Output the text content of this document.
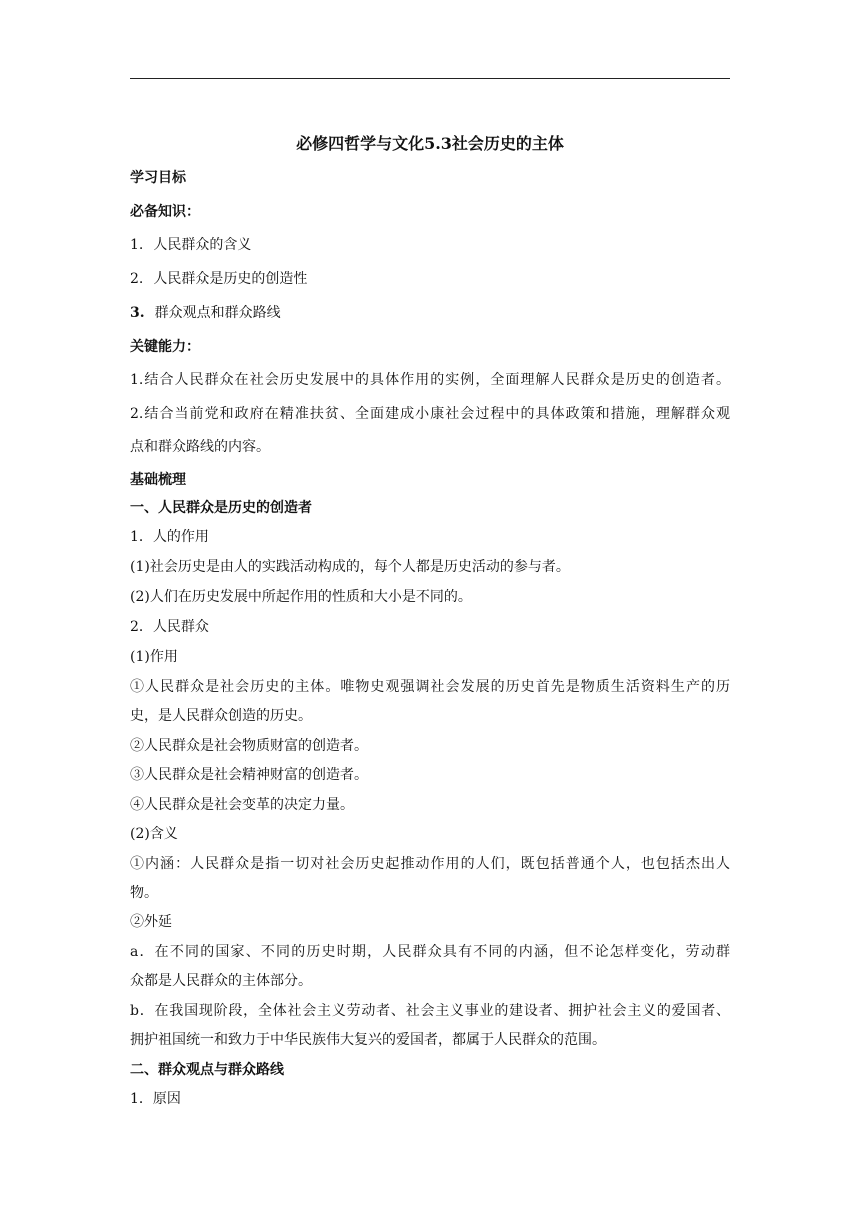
必修四哲学与文化5.3社会历史的主体
学习目标
必备知识：
1. 人民群众的含义
2. 人民群众是历史的创造性
3. 群众观点和群众路线
关键能力：
1.结合人民群众在社会历史发展中的具体作用的实例，全面理解人民群众是历史的创造者。
2.结合当前党和政府在精准扶贫、全面建成小康社会过程中的具体政策和措施，理解群众观
点和群众路线的内容。
基础梳理
一、人民群众是历史的创造者
1．人的作用
(1)社会历史是由人的实践活动构成的，每个人都是历史活动的参与者。
(2)人们在历史发展中所起作用的性质和大小是不同的。
2．人民群众
(1)作用
①人民群众是社会历史的主体。唯物史观强调社会发展的历史首先是物质生活资料生产的历
史，是人民群众创造的历史。
②人民群众是社会物质财富的创造者。
③人民群众是社会精神财富的创造者。
④人民群众是社会变革的决定力量。
(2)含义
①内涵：人民群众是指一切对社会历史起推动作用的人们，既包括普通个人，也包括杰出人
物。
②外延
a．在不同的国家、不同的历史时期，人民群众具有不同的内涵，但不论怎样变化，劳动群
众都是人民群众的主体部分。
b．在我国现阶段，全体社会主义劳动者、社会主义事业的建设者、拥护社会主义的爱国者、
拥护祖国统一和致力于中华民族伟大复兴的爱国者，都属于人民群众的范围。
二、群众观点与群众路线
1．原因
